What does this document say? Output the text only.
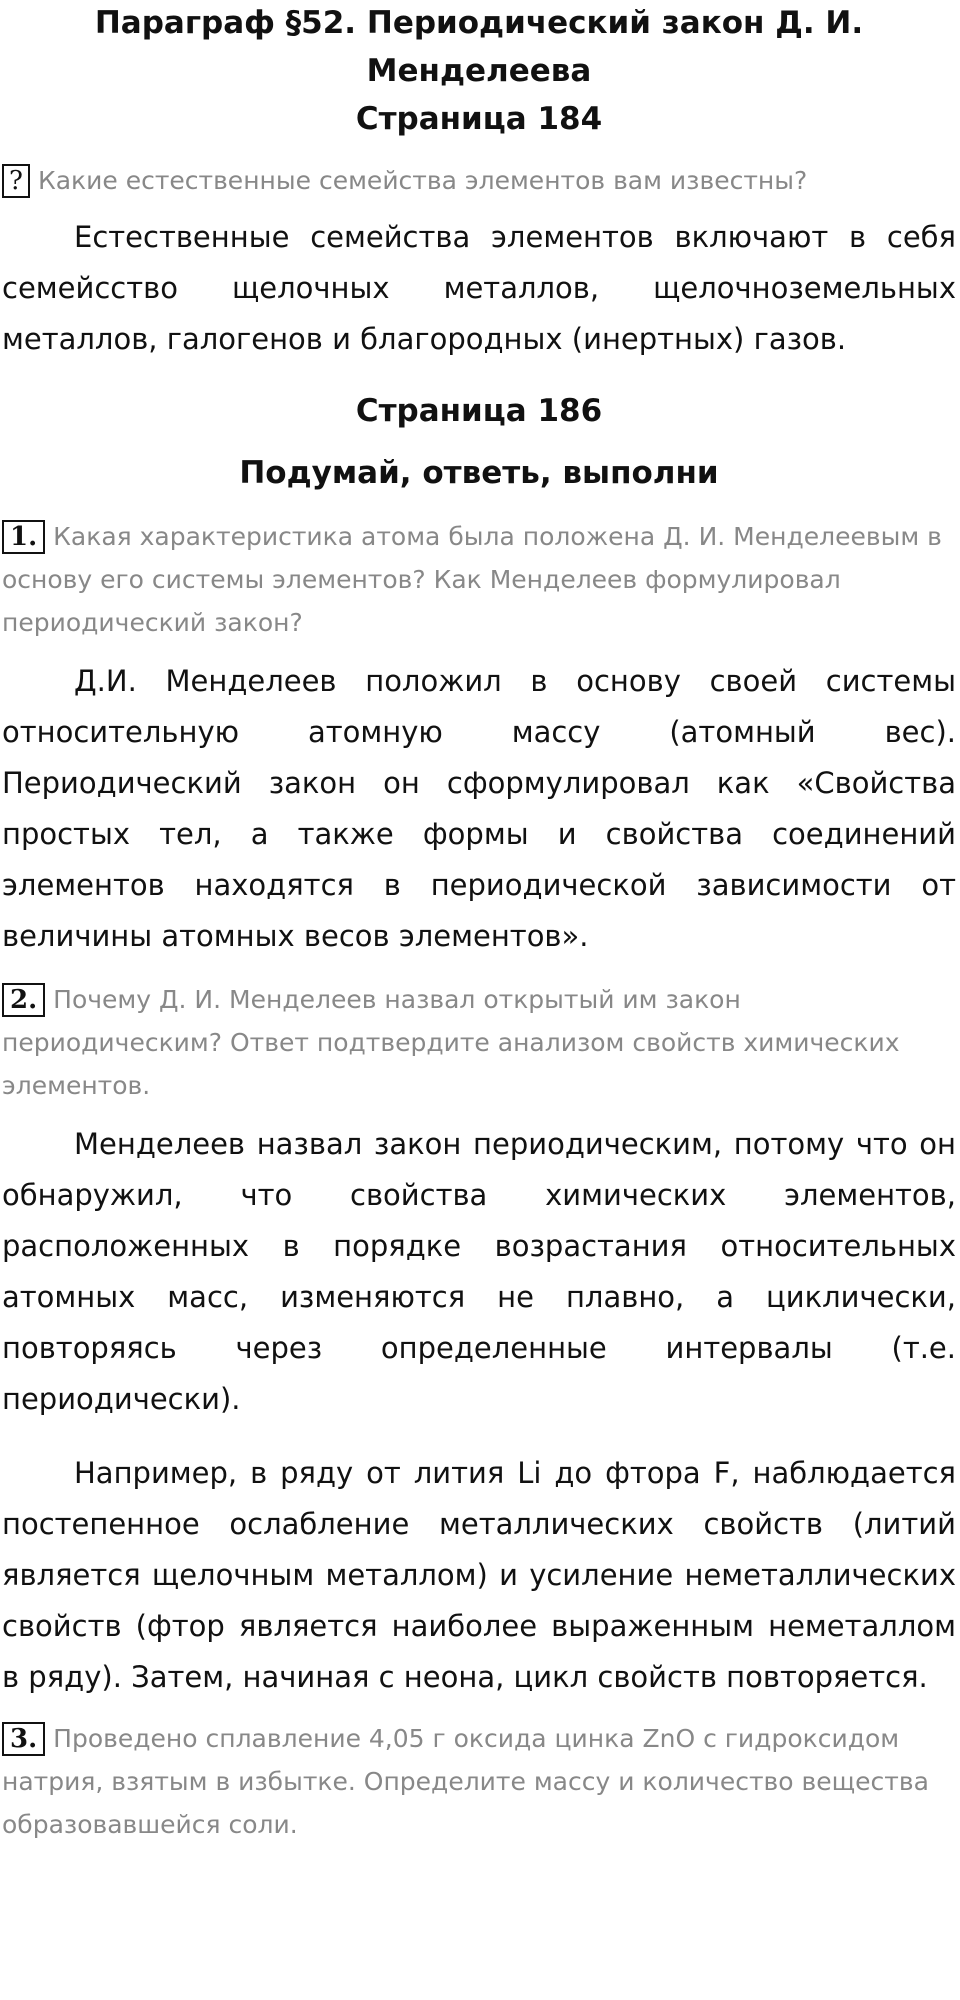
Параграф §52. Периодический закон Д. И. Менделеева
Страница 184

? Какие естественные семейства элементов вам известны?

Естественные семейства элементов включают в себя семейсство щелочных металлов, щелочноземельных металлов, галогенов и благородных (инертных) газов.

Страница 186
Подумай, ответь, выполни

1. Какая характеристика атома была положена Д. И. Менделеевым в основу его системы элементов? Как Менделеев формулировал периодический закон?

Д.И. Менделеев положил в основу своей системы относительную атомную массу (атомный вес). Периодический закон он сформулировал как «Свойства простых тел, а также формы и свойства соединений элементов находятся в периодической зависимости от величины атомных весов элементов».

2. Почему Д. И. Менделеев назвал открытый им закон периодическим? Ответ подтвердите анализом свойств химических элементов.

Менделеев назвал закон периодическим, потому что он обнаружил, что свойства химических элементов, расположенных в порядке возрастания относительных атомных масс, изменяются не плавно, а циклически, повторяясь через определенные интервалы (т.е. периодически).

Например, в ряду от лития Li до фтора F, наблюдается постепенное ослабление металлических свойств (литий является щелочным металлом) и усиление неметаллических свойств (фтор является наиболее выраженным неметаллом в ряду). Затем, начиная с неона, цикл свойств повторяется.

3. Проведено сплавление 4,05 г оксида цинка ZnO с гидроксидом натрия, взятым в избытке. Определите массу и количество вещества образовавшейся соли.
